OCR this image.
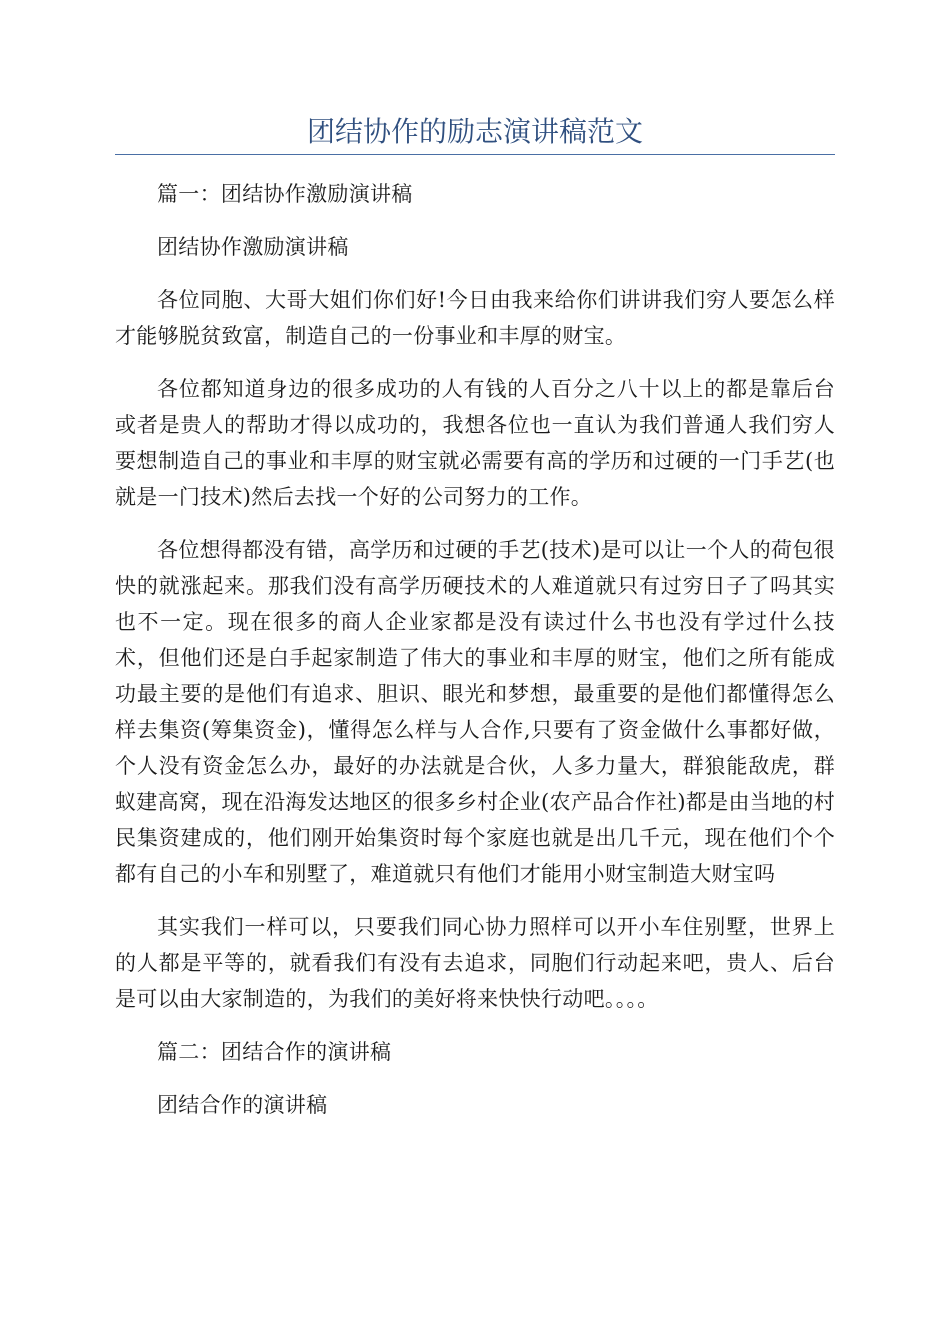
团结协作的励志演讲稿范文

篇一：团结协作激励演讲稿

团结协作激励演讲稿

各位同胞、大哥大姐们你们好!今日由我来给你们讲讲我们穷人要怎么样才能够脱贫致富，制造自己的一份事业和丰厚的财宝。

各位都知道身边的很多成功的人有钱的人百分之八十以上的都是靠后台或者是贵人的帮助才得以成功的，我想各位也一直认为我们普通人我们穷人要想制造自己的事业和丰厚的财宝就必需要有高的学历和过硬的一门手艺(也就是一门技术)然后去找一个好的公司努力的工作。

各位想得都没有错，高学历和过硬的手艺(技术)是可以让一个人的荷包很快的就涨起来。那我们没有高学历硬技术的人难道就只有过穷日子了吗其实也不一定。现在很多的商人企业家都是没有读过什么书也没有学过什么技术，但他们还是白手起家制造了伟大的事业和丰厚的财宝，他们之所有能成功最主要的是他们有追求、胆识、眼光和梦想，最重要的是他们都懂得怎么样去集资(筹集资金)，懂得怎么样与人合作,只要有了资金做什么事都好做，个人没有资金怎么办，最好的办法就是合伙，人多力量大，群狼能敌虎，群蚁建高窝，现在沿海发达地区的很多乡村企业(农产品合作社)都是由当地的村民集资建成的，他们刚开始集资时每个家庭也就是出几千元，现在他们个个都有自己的小车和别墅了，难道就只有他们才能用小财宝制造大财宝吗

其实我们一样可以，只要我们同心协力照样可以开小车住别墅，世界上的人都是平等的，就看我们有没有去追求，同胞们行动起来吧，贵人、后台是可以由大家制造的，为我们的美好将来快快行动吧。。。。

篇二：团结合作的演讲稿

团结合作的演讲稿
